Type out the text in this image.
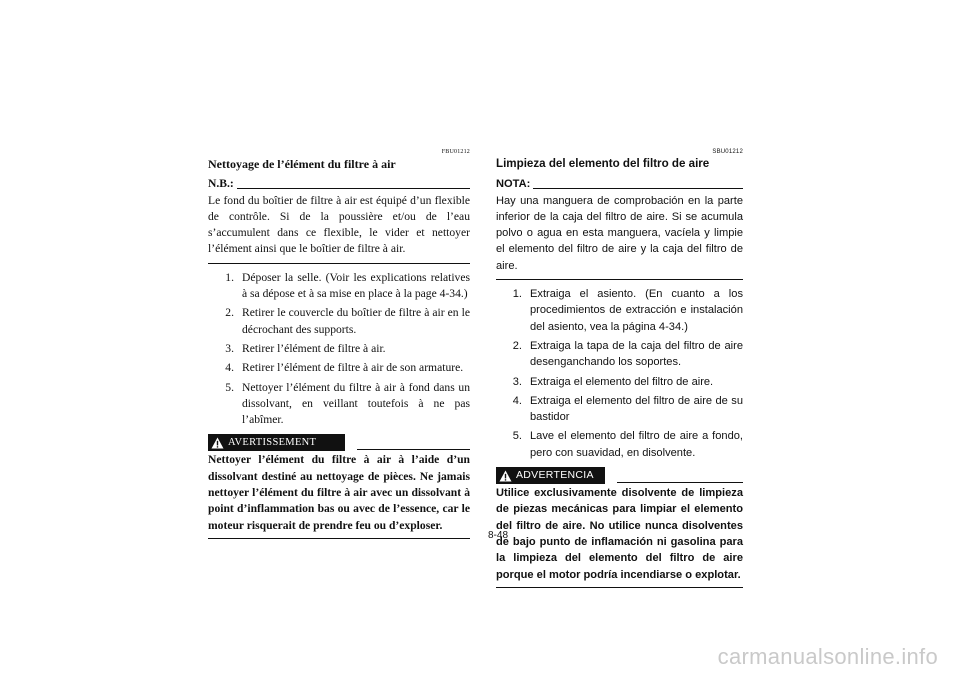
FBU01212
Nettoyage de l’élément du filtre à air
N.B.:

Le fond du boîtier de filtre à air est équipé d’un flexible de contrôle. Si de la poussière et/ou de l’eau s’accumulent dans ce flexible, le vider et nettoyer l’élément ainsi que le boîtier de filtre à air.

1. Déposer la selle. (Voir les explications relatives à sa dépose et à sa mise en place à la page 4-34.)
2. Retirer le couvercle du boîtier de filtre à air en le décrochant des supports.
3. Retirer l’élément de filtre à air.
4. Retirer l’élément de filtre à air de son armature.
5. Nettoyer l’élément du filtre à air à fond dans un dissolvant, en veillant toutefois à ne pas l’abîmer.
AVERTISSEMENT

Nettoyer l’élément du filtre à air à l’aide d’un dissolvant destiné au nettoyage de pièces. Ne jamais nettoyer l’élément du filtre à air avec un dissolvant à point d’inflammation bas ou avec de l’essence, car le moteur risquerait de prendre feu ou d’exploser.

SBU01212
Limpieza del elemento del filtro de aire
NOTA:

Hay una manguera de comprobación en la parte inferior de la caja del filtro de aire. Si se acumula polvo o agua en esta manguera, vacíela y limpie el elemento del filtro de aire y la caja del filtro de aire.

1. Extraiga el asiento. (En cuanto a los procedimientos de extracción e instalación del asiento, vea la página 4-34.)
2. Extraiga la tapa de la caja del filtro de aire desenganchando los soportes.
3. Extraiga el elemento del filtro de aire.
4. Extraiga el elemento del filtro de aire de su bastidor
5. Lave el elemento del filtro de aire a fondo, pero con suavidad, en disolvente.
ADVERTENCIA

Utilice exclusivamente disolvente de limpieza de piezas mecánicas para limpiar el elemento del filtro de aire. No utilice nunca disolventes de bajo punto de inflamación ni gasolina para la limpieza del elemento del filtro de aire porque el motor podría incendiarse o explotar.

8-48
carmanualsonline.info
